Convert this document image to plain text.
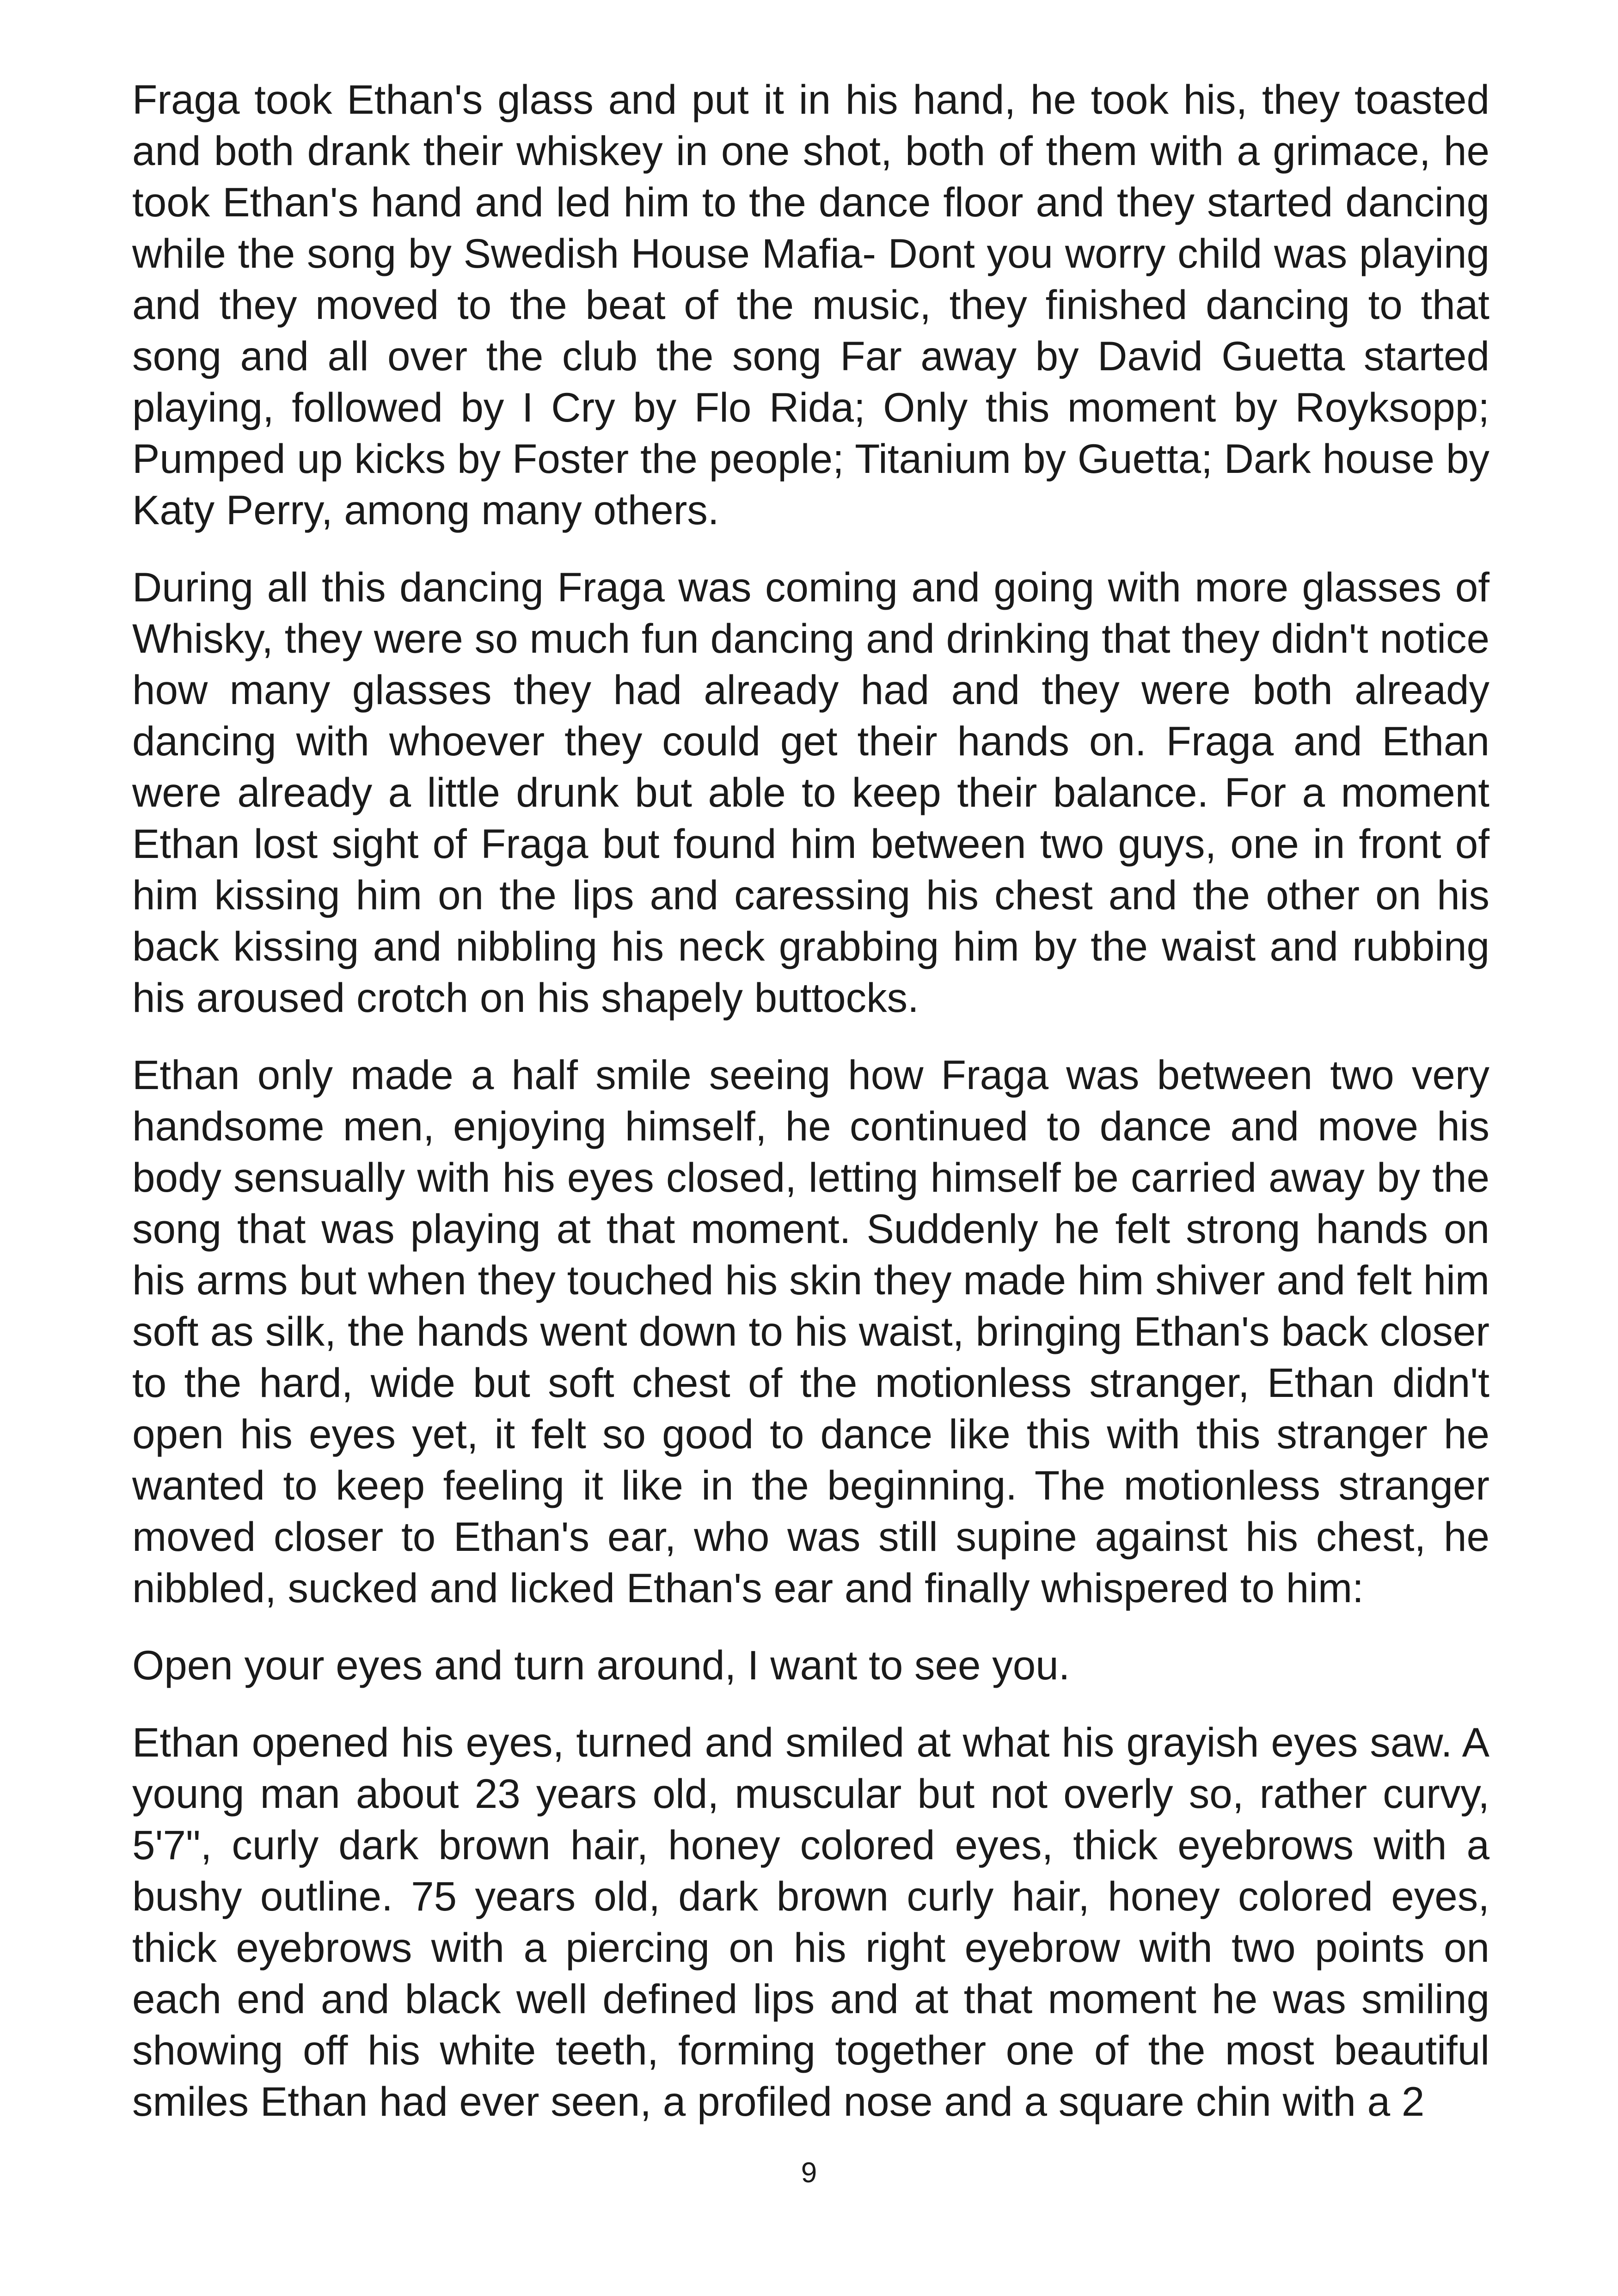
Fraga took Ethan's glass and put it in his hand, he took his, they toasted and both drank their whiskey in one shot, both of them with a grimace, he took Ethan's hand and led him to the dance floor and they started dancing while the song by Swedish House Mafia- Dont you worry child was playing and they moved to the beat of the music, they finished dancing to that song and all over the club the song Far away by David Guetta started playing, followed by I Cry by Flo Rida; Only this moment by Royksopp; Pumped up kicks by Foster the people; Titanium by Guetta; Dark house by Katy Perry, among many others.

During all this dancing Fraga was coming and going with more glasses of Whisky, they were so much fun dancing and drinking that they didn't notice how many glasses they had already had and they were both already dancing with whoever they could get their hands on. Fraga and Ethan were already a little drunk but able to keep their balance. For a moment Ethan lost sight of Fraga but found him between two guys, one in front of him kissing him on the lips and caressing his chest and the other on his back kissing and nibbling his neck grabbing him by the waist and rubbing his aroused crotch on his shapely buttocks.

Ethan only made a half smile seeing how Fraga was between two very handsome men, enjoying himself, he continued to dance and move his body sensually with his eyes closed, letting himself be carried away by the song that was playing at that moment. Suddenly he felt strong hands on his arms but when they touched his skin they made him shiver and felt him soft as silk, the hands went down to his waist, bringing Ethan's back closer to the hard, wide but soft chest of the motionless stranger, Ethan didn't open his eyes yet, it felt so good to dance like this with this stranger he wanted to keep feeling it like in the beginning. The motionless stranger moved closer to Ethan's ear, who was still supine against his chest, he nibbled, sucked and licked Ethan's ear and finally whispered to him:

Open your eyes and turn around, I want to see you.

Ethan opened his eyes, turned and smiled at what his grayish eyes saw. A young man about 23 years old, muscular but not overly so, rather curvy, 5'7", curly dark brown hair, honey colored eyes, thick eyebrows with a bushy outline. 75 years old, dark brown curly hair, honey colored eyes, thick eyebrows with a piercing on his right eyebrow with two points on each end and black well defined lips and at that moment he was smiling showing off his white teeth, forming together one of the most beautiful smiles Ethan had ever seen, a profiled nose and a square chin with a 2

9
